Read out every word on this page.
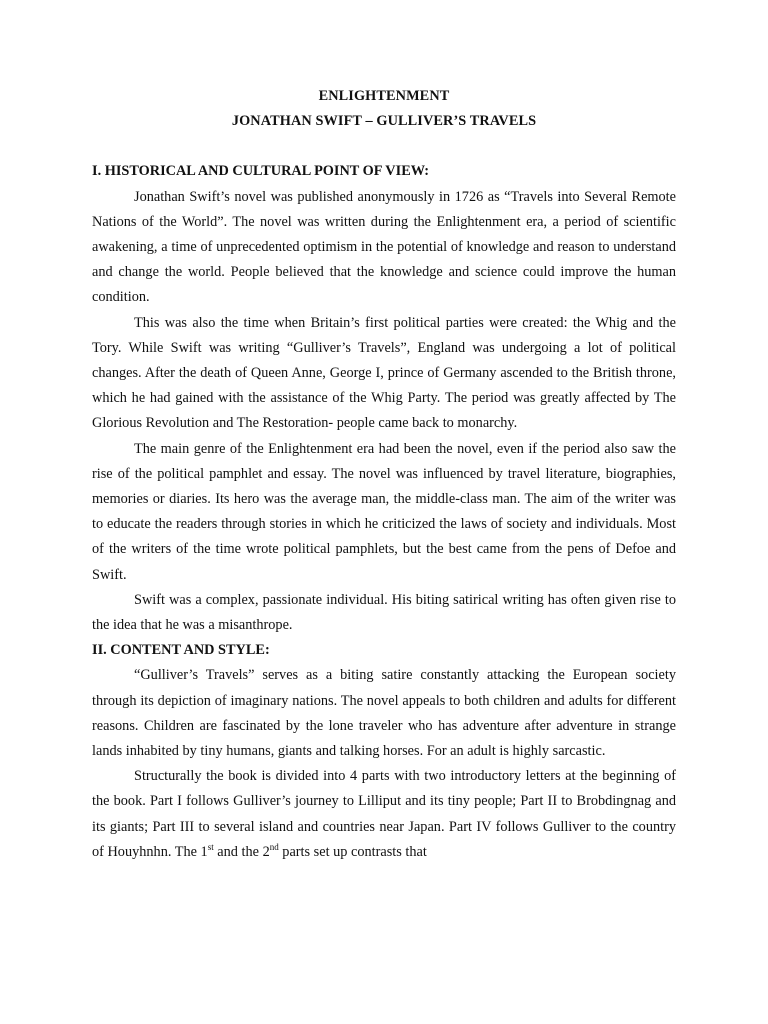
ENLIGHTENMENT

JONATHAN SWIFT – GULLIVER’S TRAVELS

I. HISTORICAL AND CULTURAL POINT OF VIEW:

Jonathan Swift’s novel was published anonymously in 1726 as “Travels into Several Remote Nations of the World”. The novel was written during the Enlightenment era, a period of scientific awakening, a time of unprecedented optimism in the potential of knowledge and reason to understand and change the world. People believed that the knowledge and science could improve the human condition.

This was also the time when Britain’s first political parties were created: the Whig and the Tory. While Swift was writing “Gulliver’s Travels”, England was undergoing a lot of political changes. After the death of Queen Anne, George I, prince of Germany ascended to the British throne, which he had gained with the assistance of the Whig Party. The period was greatly affected by The Glorious Revolution and The Restoration- people came back to monarchy.

The main genre of the Enlightenment era had been the novel, even if the period also saw the rise of the political pamphlet and essay. The novel was influenced by travel literature, biographies, memories or diaries. Its hero was the average man, the middle-class man. The aim of the writer was to educate the readers through stories in which he criticized the laws of society and individuals. Most of the writers of the time wrote political pamphlets, but the best came from the pens of Defoe and Swift.

Swift was a complex, passionate individual. His biting satirical writing has often given rise to the idea that he was a misanthrope.

II. CONTENT AND STYLE:

“Gulliver’s Travels” serves as a biting satire constantly attacking the European society through its depiction of imaginary nations. The novel appeals to both children and adults for different reasons. Children are fascinated by the lone traveler who has adventure after adventure in strange lands inhabited by tiny humans, giants and talking horses. For an adult is highly sarcastic.

Structurally the book is divided into 4 parts with two introductory letters at the beginning of the book. Part I follows Gulliver’s journey to Lilliput and its tiny people; Part II to Brobdingnag and its giants; Part III to several island and countries near Japan. Part IV follows Gulliver to the country of Houyhnhn. The 1st and the 2nd parts set up contrasts that
